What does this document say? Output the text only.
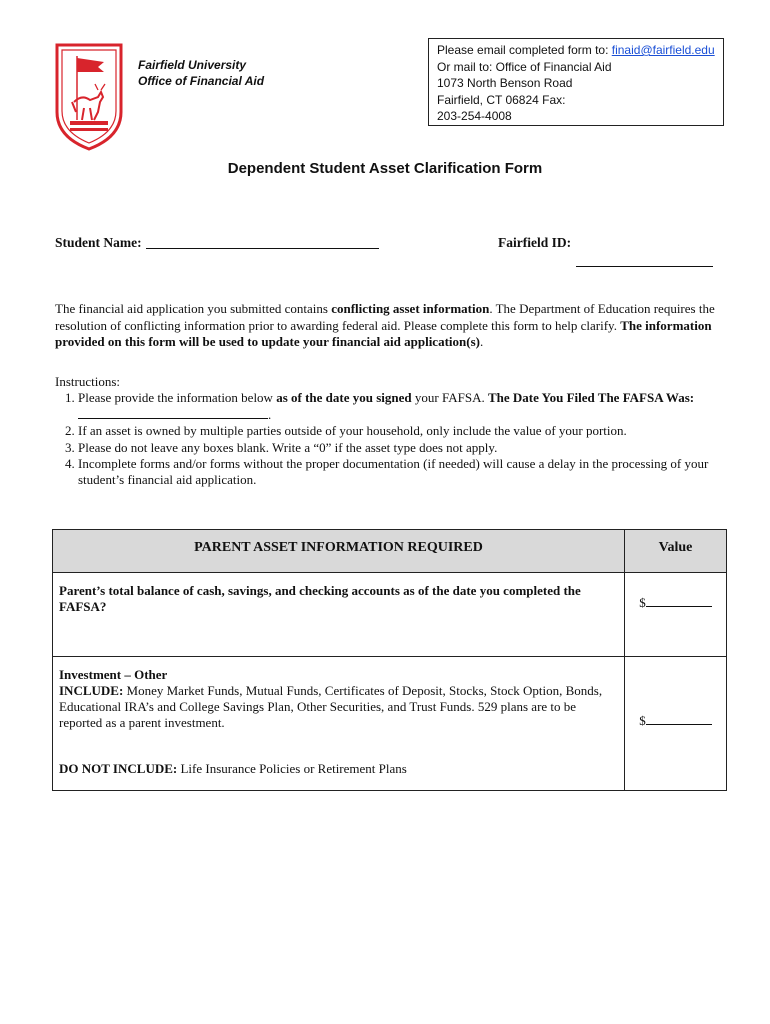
Fairfield University
Office of Financial Aid
Please email completed form to: finaid@fairfield.edu
Or mail to: Office of Financial Aid
1073 North Benson Road
Fairfield, CT 06824 Fax:
203-254-4008
Dependent Student Asset Clarification Form
Student Name:	Fairfield ID:
The financial aid application you submitted contains conflicting asset information. The Department of Education requires the resolution of conflicting information prior to awarding federal aid. Please complete this form to help clarify. The information provided on this form will be used to update your financial aid application(s).
Instructions:
1. Please provide the information below as of the date you signed your FAFSA. The Date You Filed The FAFSA Was:.
2. If an asset is owned by multiple parties outside of your household, only include the value of your portion.
3. Please do not leave any boxes blank. Write a “0” if the asset type does not apply.
4. Incomplete forms and/or forms without the proper documentation (if needed) will cause a delay in the processing of your student’s financial aid application.
PARENT ASSET INFORMATION REQUIRED	Value
Parent’s total balance of cash, savings, and checking accounts as of the date you completed the FAFSA?	$

Investment – Other
INCLUDE: Money Market Funds, Mutual Funds, Certificates of Deposit, Stocks, Stock Option, Bonds, Educational IRA’s and College Savings Plan, Other Securities, and Trust Funds. 529 plans are to be reported as a parent investment.
DO NOT INCLUDE: Life Insurance Policies or Retirement Plans	$
